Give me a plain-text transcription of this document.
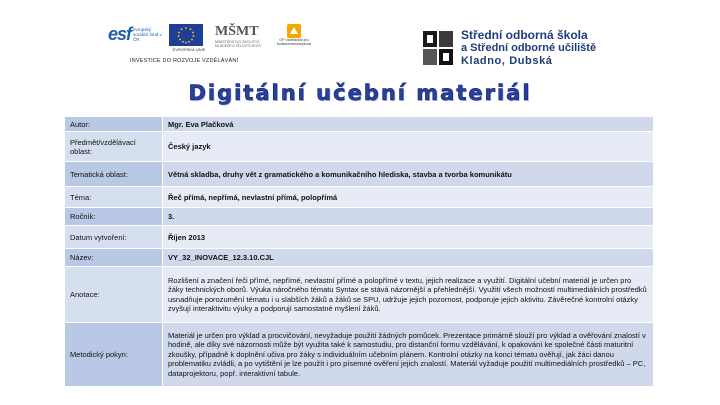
esf evropský sociální fond v ČR
EVROPSKÁ UNIE
MŠMT
MINISTERSTVO ŠKOLSTVÍ, MLÁDEŽE A TĚLOVÝCHOVY
OP Vzdělávání pro konkurenceschopnost
INVESTICE DO ROZVOJE VZDĚLÁVÁNÍ
Střední odborná škola
a Střední odborné učiliště
Kladno, Dubská
Digitální učební materiál
Autor:	Mgr. Eva Plačková
Předmět/vzdělávací oblast:	Český jazyk
Tematická oblast:	Větná skladba, druhy vět z gramatického a komunikačního hlediska, stavba a tvorba komunikátu
Téma:	Řeč přímá, nepřímá, nevlastní přímá, polopřímá
Ročník:	3.
Datum vytvoření:	Říjen 2013
Název:	VY_32_INOVACE_12.3.10.CJL
Anotace:	Rozlišení a značení řeči přímé, nepřímé, nevlastní přímé a polopřímé v textu, jejich realizace a využití. Digitální učební materiál je určen pro žáky technických oborů. Výuka náročného tématu Syntax se stává názornější a přehlednější. Využití všech možností multimediálních prostředků usnadňuje porozumění tématu i u slabších žáků a žáků se SPU, udržuje jejich pozornost, podporuje jejich aktivitu. Závěrečné kontrolní otázky zvyšují interaktivitu výuky a podporují samostatné myšlení žáků.
Metodický pokyn:	Materiál je určen pro výklad a procvičování, nevyžaduje použití žádných pomůcek. Prezentace primárně slouží pro výklad a ověřování znalostí v hodině, ale díky své názornosti může být využita také k samostudiu, pro distanční formu vzdělávání, k opakování ke společné části maturitní zkoušky, případně k doplnění učiva pro žáky s individuálním učebním plánem. Kontrolní otázky na konci tématu ověřují, jak žáci danou problematiku zvládli, a po vytištění je lze použít i pro písemné ověření jejich znalostí. Materiál vyžaduje použití multimediálních prostředků – PC, dataprojektoru, popř. interaktivní tabule.
